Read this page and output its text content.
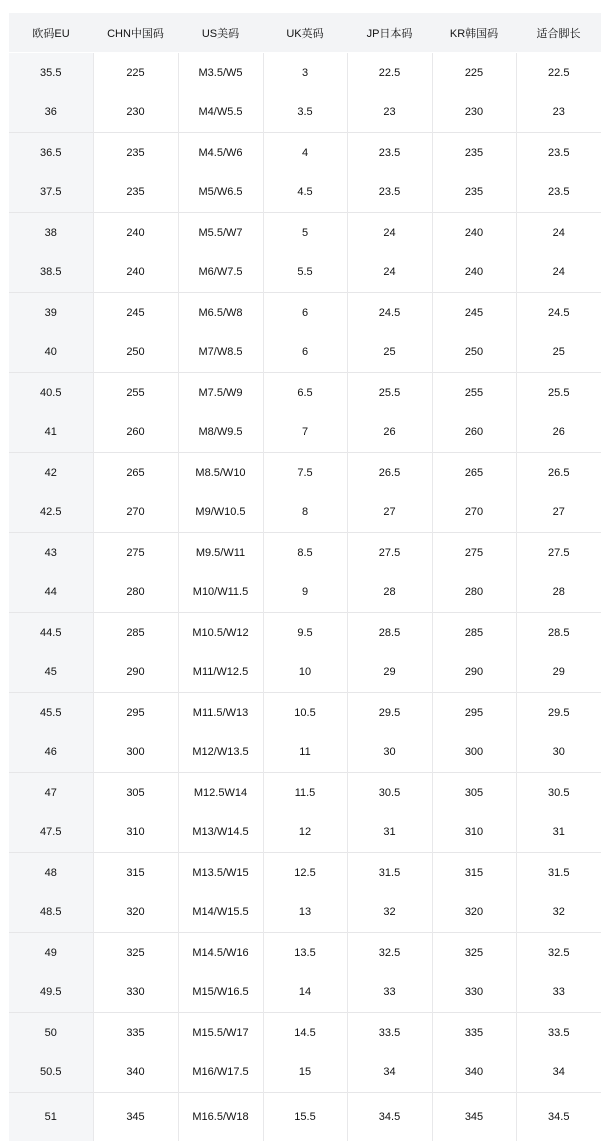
欧码EU	CHN中国码	US美码	UK英码	JP日本码	KR韩国码	适合脚长
35.5	225	M3.5/W5	3	22.5	225	22.5
36	230	M4/W5.5	3.5	23	230	23
36.5	235	M4.5/W6	4	23.5	235	23.5
37.5	235	M5/W6.5	4.5	23.5	235	23.5
38	240	M5.5/W7	5	24	240	24
38.5	240	M6/W7.5	5.5	24	240	24
39	245	M6.5/W8	6	24.5	245	24.5
40	250	M7/W8.5	6	25	250	25
40.5	255	M7.5/W9	6.5	25.5	255	25.5
41	260	M8/W9.5	7	26	260	26
42	265	M8.5/W10	7.5	26.5	265	26.5
42.5	270	M9/W10.5	8	27	270	27
43	275	M9.5/W11	8.5	27.5	275	27.5
44	280	M10/W11.5	9	28	280	28
44.5	285	M10.5/W12	9.5	28.5	285	28.5
45	290	M11/W12.5	10	29	290	29
45.5	295	M11.5/W13	10.5	29.5	295	29.5
46	300	M12/W13.5	11	30	300	30
47	305	M12.5W14	11.5	30.5	305	30.5
47.5	310	M13/W14.5	12	31	310	31
48	315	M13.5/W15	12.5	31.5	315	31.5
48.5	320	M14/W15.5	13	32	320	32
49	325	M14.5/W16	13.5	32.5	325	32.5
49.5	330	M15/W16.5	14	33	330	33
50	335	M15.5/W17	14.5	33.5	335	33.5
50.5	340	M16/W17.5	15	34	340	34
51	345	M16.5/W18	15.5	34.5	345	34.5
